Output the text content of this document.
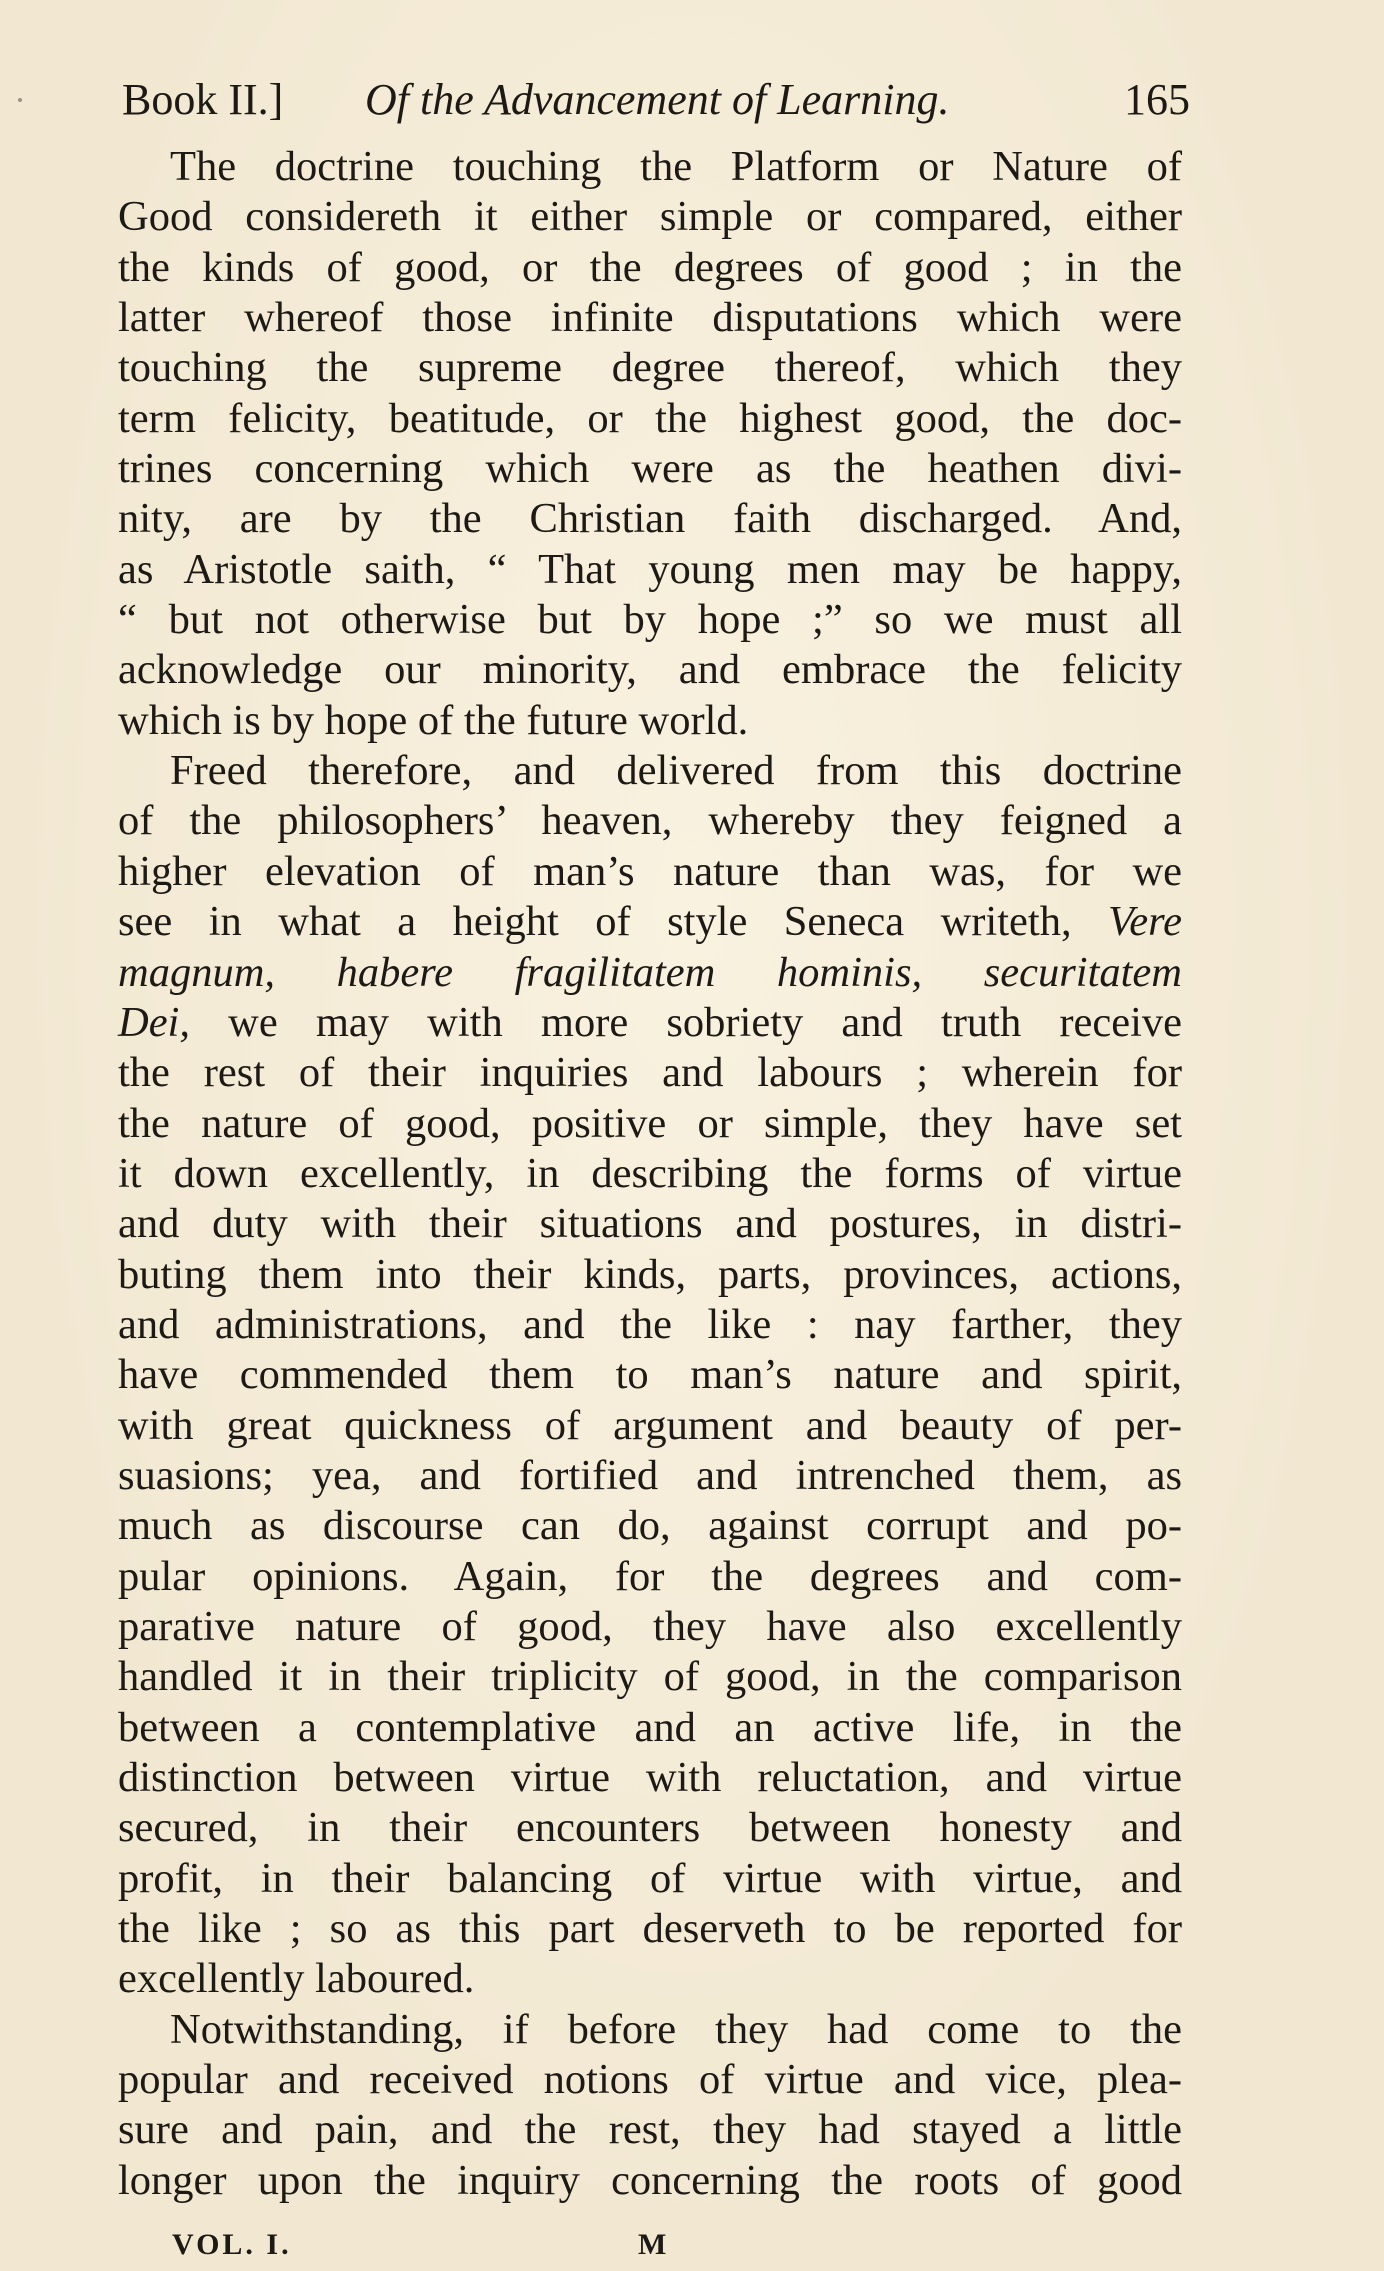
Book II.] Of the Advancement of Learning.	165
The doctrine touching the Platform or Nature of
Good considereth it either simple or compared, either
the kinds of good, or the degrees of good ; in the
latter whereof those infinite disputations which were
touching the supreme degree thereof, which they
term felicity, beatitude, or the highest good, the doc-
trines concerning which were as the heathen divi-
nity, are by the Christian faith discharged. And,
as Aristotle saith, “ That young men may be happy,
“ but not otherwise but by hope ;” so we must all
acknowledge our minority, and embrace the felicity
which is by hope of the future world.
Freed therefore, and delivered from this doctrine
of the philosophers’ heaven, whereby they feigned a
higher elevation of man’s nature than was, for we
see in what a height of style Seneca writeth, Vere
magnum, habere fragilitatem hominis, securitatem
Dei, we may with more sobriety and truth receive
the rest of their inquiries and labours ; wherein for
the nature of good, positive or simple, they have set
it down excellently, in describing the forms of virtue
and duty with their situations and postures, in distri-
buting them into their kinds, parts, provinces, actions,
and administrations, and the like : nay farther, they
have commended them to man’s nature and spirit,
with great quickness of argument and beauty of per-
suasions; yea, and fortified and intrenched them, as
much as discourse can do, against corrupt and po-
pular opinions. Again, for the degrees and com-
parative nature of good, they have also excellently
handled it in their triplicity of good, in the comparison
between a contemplative and an active life, in the
distinction between virtue with reluctation, and virtue
secured, in their encounters between honesty and
profit, in their balancing of virtue with virtue, and
the like ; so as this part deserveth to be reported for
excellently laboured.
Notwithstanding, if before they had come to the
popular and received notions of virtue and vice, plea-
sure and pain, and the rest, they had stayed a little
longer upon the inquiry concerning the roots of good
VOL. I.	M
